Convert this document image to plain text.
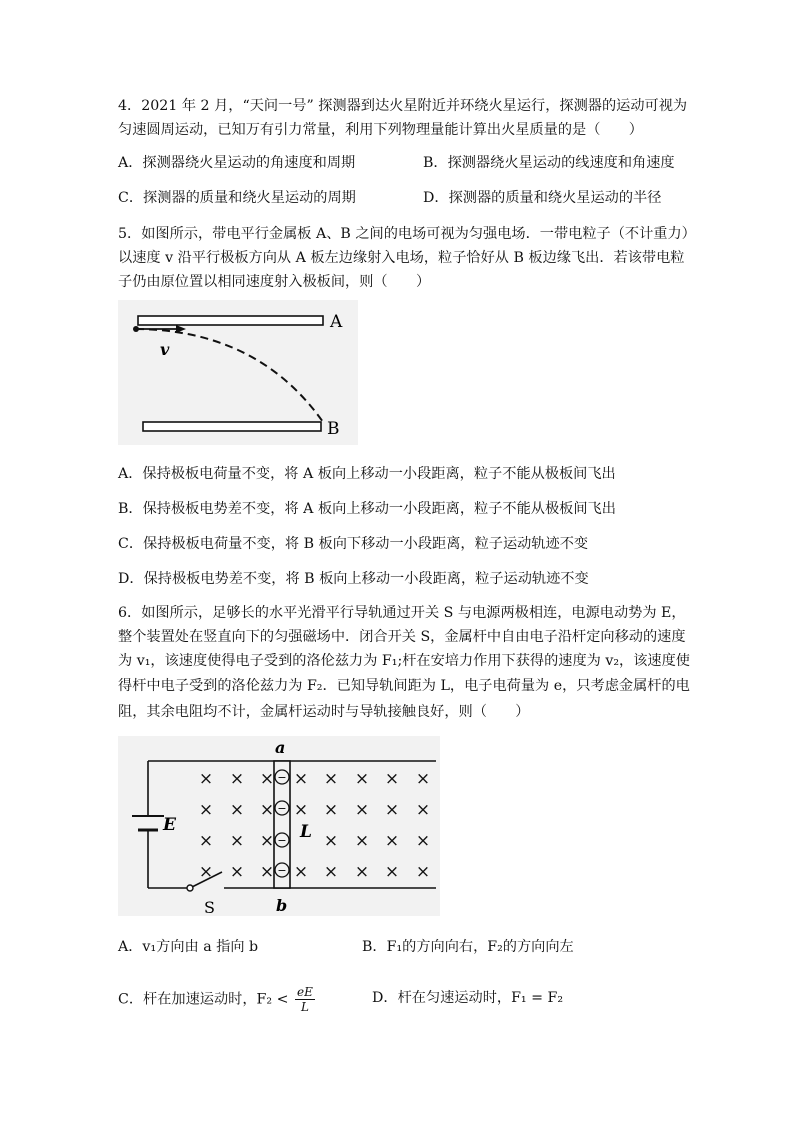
4．2021 年 2 月，“天问一号” 探测器到达火星附近并环绕火星运行，探测器的运动可视为
匀速圆周运动，已知万有引力常量，利用下列物理量能计算出火星质量的是（　　）
A．探测器绕火星运动的角速度和周期	B．探测器绕火星运动的线速度和角速度
C．探测器的质量和绕火星运动的周期	D．探测器的质量和绕火星运动的半径
5．如图所示，带电平行金属板 A、B 之间的电场可视为匀强电场．一带电粒子（不计重力）
以速度 v 沿平行极板方向从 A 板左边缘射入电场，粒子恰好从 B 板边缘飞出．若该带电粒
子仍由原位置以相同速度射入极板间，则（　　）
A
B
v
A．保持极板电荷量不变，将 A 板向上移动一小段距离，粒子不能从极板间飞出
B．保持极板电势差不变，将 A 板向上移动一小段距离，粒子不能从极板间飞出
C．保持极板电荷量不变，将 B 板向下移动一小段距离，粒子运动轨迹不变
D．保持极板电势差不变，将 B 板向上移动一小段距离，粒子运动轨迹不变
6．如图所示，足够长的水平光滑平行导轨通过开关 S 与电源两极相连，电源电动势为 E，
整个装置处在竖直向下的匀强磁场中．闭合开关 S，金属杆中自由电子沿杆定向移动的速度
为 v₁，该速度使得电子受到的洛伦兹力为 F₁;杆在安培力作用下获得的速度为 v₂，该速度使
得杆中电子受到的洛伦兹力为 F₂．已知导轨间距为 L，电子电荷量为 e，只考虑金属杆的电
阻，其余电阻均不计，金属杆运动时与导轨接触良好，则（　　）
E
S
a
b
L
−
−
−
−
× × × × × × × ×
× × × × × × × ×
× × ×	× × × ×
× × × × × × × ×
A．v₁方向由 a 指向 b	B．F₁的方向向右，F₂的方向向左
C．杆在加速运动时，$F_2 < \frac{eE}{L}$	D．杆在匀速运动时，F₁ = F₂
